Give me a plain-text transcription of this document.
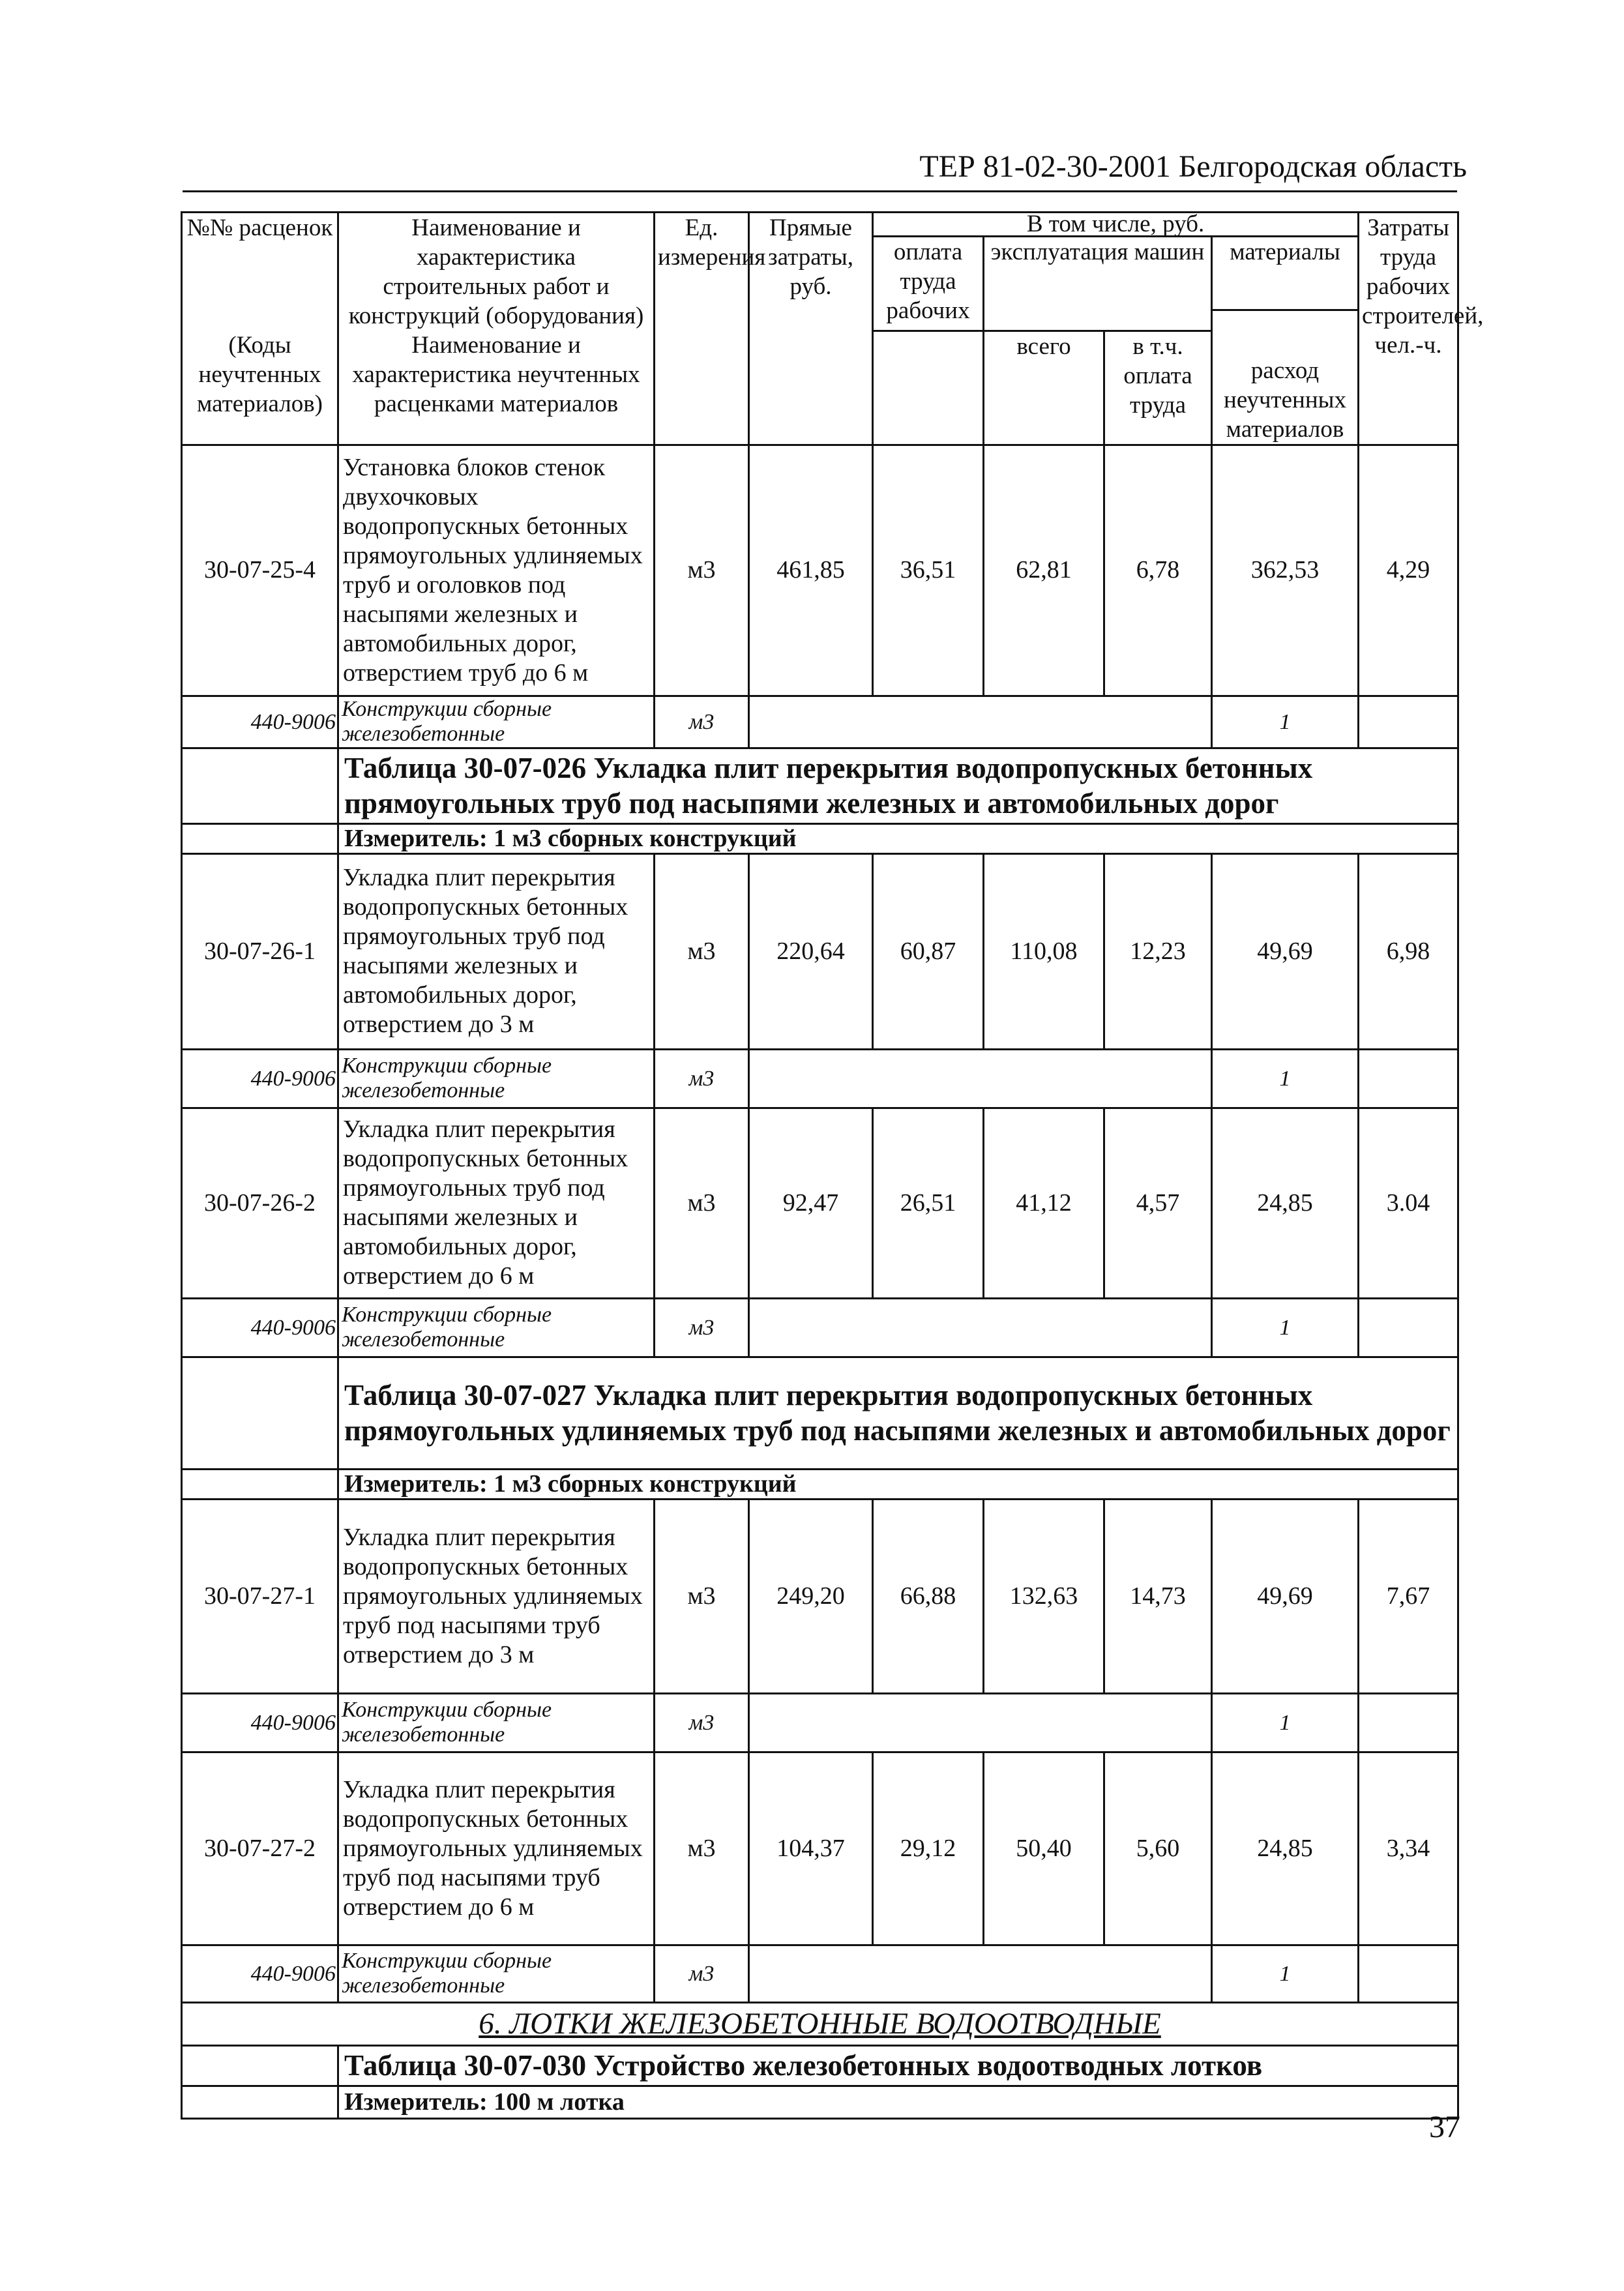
ТЕР 81-02-30-2001 Белгородская область
№№ расценок	Наименование и характеристика строительных работ и конструкций (оборудования)	Ед. измерения	Прямые затраты, руб.	В том числе, руб.				Затраты труда рабочих строителей, чел.-ч.
				оплата труда рабочих	эксплуатация машин		материалы	
							расход неучтенных материалов	
(Коды неучтенных материалов)	Наименование и характеристика неучтенных расценками материалов				всего	в т.ч. оплата труда		

30-07-25-4	Установка блоков стенок двухочковых водопропускных бетонных прямоугольных удлиняемых труб и оголовков под насыпями железных и автомобильных дорог, отверстием труб до 6 м	м3	461,85	36,51	62,81	6,78	362,53	4,29
440-9006	Конструкции сборные железобетонные	м3					1	
	Таблица 30-07-026 Укладка плит перекрытия водопропускных бетонных прямоугольных труб под насыпями железных и автомобильных дорог							
	Измеритель: 1 м3 сборных конструкций							
30-07-26-1	Укладка плит перекрытия водопропускных бетонных прямоугольных труб под насыпями железных и автомобильных дорог, отверстием до 3 м	м3	220,64	60,87	110,08	12,23	49,69	6,98
440-9006	Конструкции сборные железобетонные	м3					1	
30-07-26-2	Укладка плит перекрытия водопропускных бетонных прямоугольных труб под насыпями железных и автомобильных дорог, отверстием до 6 м	м3	92,47	26,51	41,12	4,57	24,85	3.04
440-9006	Конструкции сборные железобетонные	м3					1	
	Таблица 30-07-027 Укладка плит перекрытия водопропускных бетонных прямоугольных удлиняемых труб под насыпями железных и автомобильных дорог							
	Измеритель: 1 м3 сборных конструкций							
30-07-27-1	Укладка плит перекрытия водопропускных бетонных прямоугольных удлиняемых труб под насыпями труб отверстием до 3 м	м3	249,20	66,88	132,63	14,73	49,69	7,67
440-9006	Конструкции сборные железобетонные	м3					1	
30-07-27-2	Укладка плит перекрытия водопропускных бетонных прямоугольных удлиняемых труб под насыпями труб отверстием до 6 м	м3	104,37	29,12	50,40	5,60	24,85	3,34
440-9006	Конструкции сборные железобетонные	м3					1	
6. ЛОТКИ ЖЕЛЕЗОБЕТОННЫЕ ВОДООТВОДНЫЕ								
	Таблица 30-07-030 Устройство железобетонных водоотводных лотков							
	Измеритель: 100 м лотка							
37
